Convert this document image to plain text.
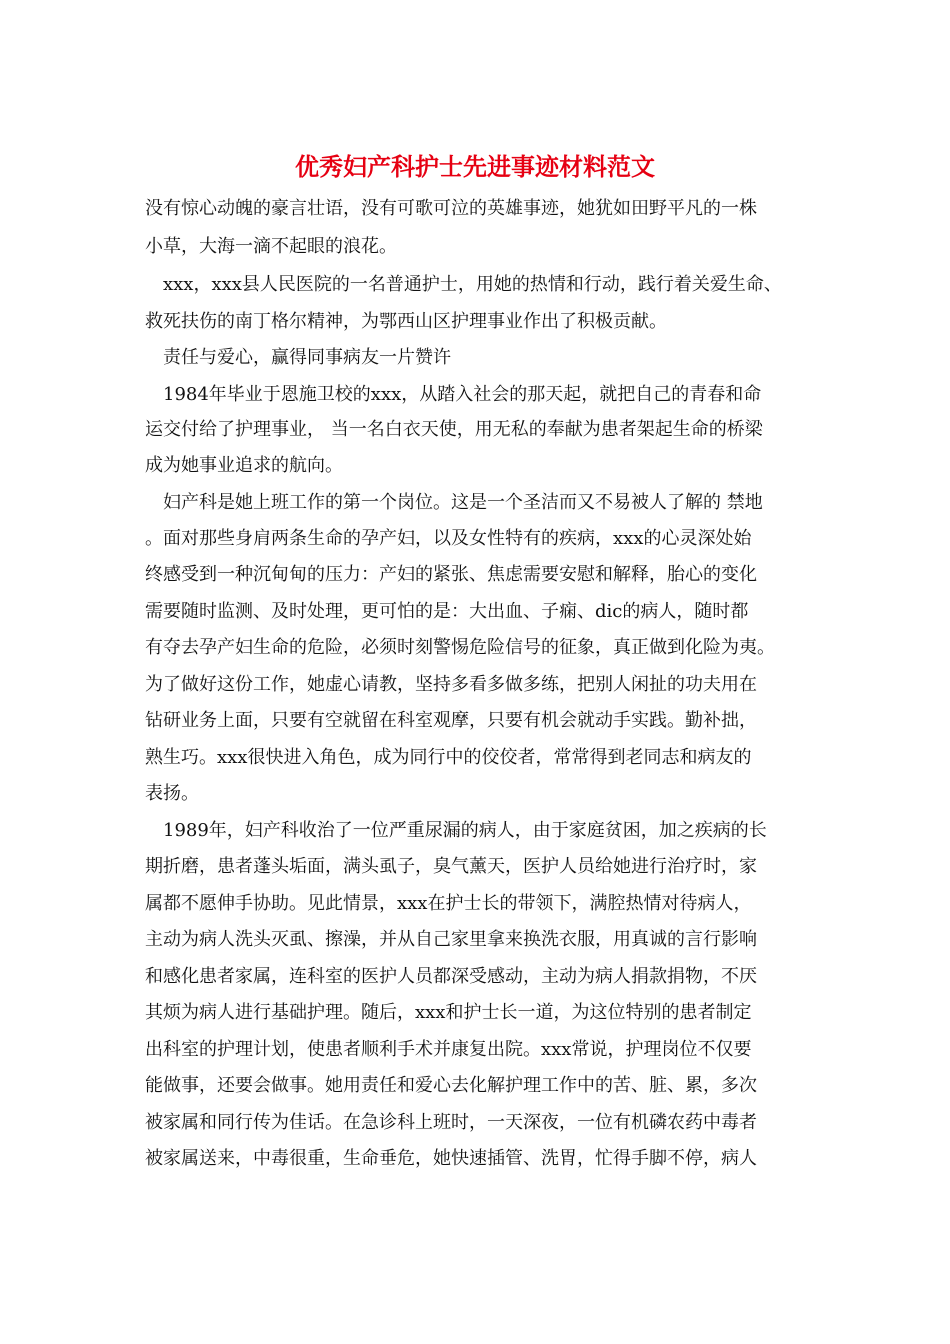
优秀妇产科护士先进事迹材料范文
没有惊心动魄的豪言壮语，没有可歌可泣的英雄事迹，她犹如田野平凡的一株
小草，大海一滴不起眼的浪花。
xxx，xxx县人民医院的一名普通护士，用她的热情和行动，践行着关爱生命、
救死扶伤的南丁格尔精神，为鄂西山区护理事业作出了积极贡献。
责任与爱心，赢得同事病友一片赞许
1984年毕业于恩施卫校的xxx，从踏入社会的那天起，就把自己的青春和命
运交付给了护理事业， 当一名白衣天使，用无私的奉献为患者架起生命的桥梁
成为她事业追求的航向。
妇产科是她上班工作的第一个岗位。这是一个圣洁而又不易被人了解的 禁地
。面对那些身肩两条生命的孕产妇，以及女性特有的疾病，xxx的心灵深处始
终感受到一种沉甸甸的压力：产妇的紧张、焦虑需要安慰和解释，胎心的变化
需要随时监测、及时处理，更可怕的是：大出血、子痫、dic的病人，随时都
有夺去孕产妇生命的危险，必须时刻警惕危险信号的征象，真正做到化险为夷。
为了做好这份工作，她虚心请教，坚持多看多做多练，把别人闲扯的功夫用在
钻研业务上面，只要有空就留在科室观摩，只要有机会就动手实践。勤补拙，
熟生巧。xxx很快进入角色，成为同行中的佼佼者，常常得到老同志和病友的
表扬。
1989年，妇产科收治了一位严重尿漏的病人，由于家庭贫困，加之疾病的长
期折磨，患者蓬头垢面，满头虱子，臭气薰天，医护人员给她进行治疗时，家
属都不愿伸手协助。见此情景，xxx在护士长的带领下，满腔热情对待病人，
主动为病人洗头灭虱、擦澡，并从自己家里拿来换洗衣服，用真诚的言行影响
和感化患者家属，连科室的医护人员都深受感动，主动为病人捐款捐物，不厌
其烦为病人进行基础护理。随后，xxx和护士长一道，为这位特别的患者制定
出科室的护理计划，使患者顺利手术并康复出院。xxx常说，护理岗位不仅要
能做事，还要会做事。她用责任和爱心去化解护理工作中的苦、脏、累，多次
被家属和同行传为佳话。在急诊科上班时，一天深夜，一位有机磷农药中毒者
被家属送来，中毒很重，生命垂危，她快速插管、洗胃，忙得手脚不停，病人
